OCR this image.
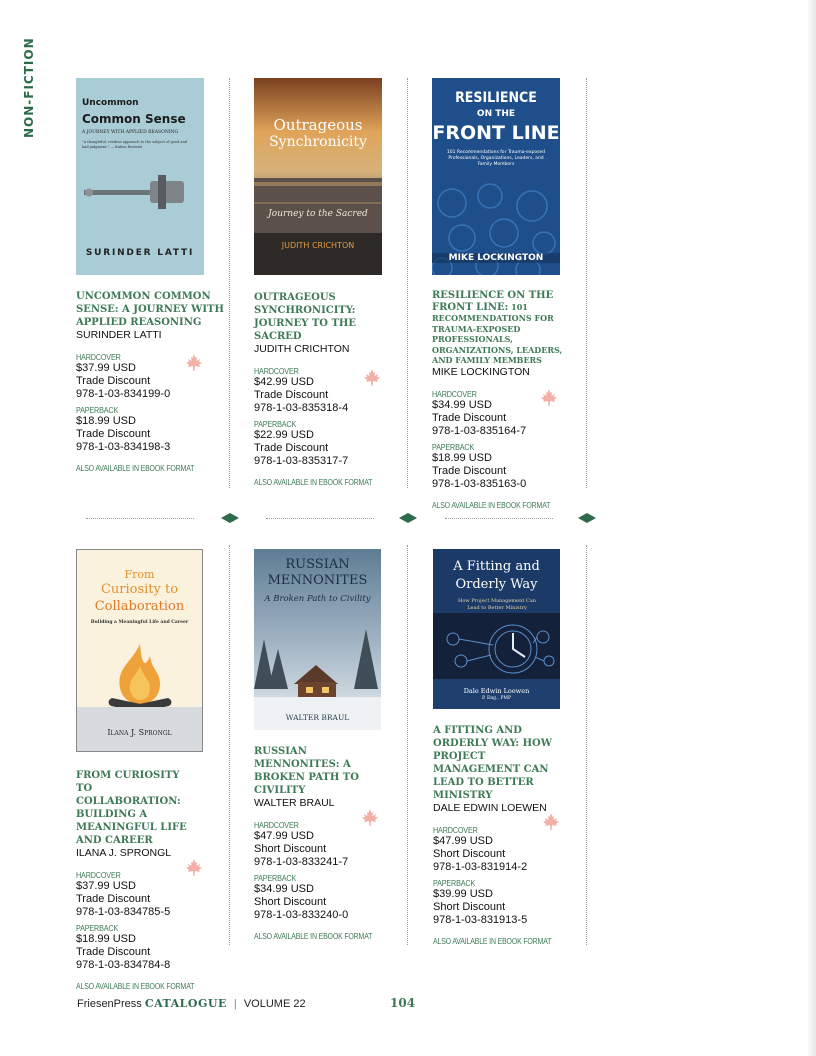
NON-FICTION	Uncommon
Common Sense
A JOURNEY WITH APPLIED REASONING
"A thoughtful, restless approach to the subject of good and bad judgment." — Kirkus Reviews
SURINDER LATTI
Outrageous
Synchronicity
Journey to the Sacred
JUDITH CRICHTON
RESILIENCE
ON THE
FRONT LINE
101 Recommendations for Trauma-exposed Professionals, Organizations, Leaders, and Family Members
MIKE LOCKINGTON
From
Curiosity to
Collaboration
Building a Meaningful Life and Career
Ilana J. Sprongl
RUSSIAN
MENNONITES
A Broken Path to Civility
WALTER BRAUL
A Fitting and
Orderly Way
How Project Management Can Lead to Better Ministry
Dale Edwin Loewen
P. Eng., PMP
UNCOMMON COMMON SENSE: A JOURNEY WITH APPLIED REASONING
SURINDER LATTI
HARDCOVER
$37.99 USD
Trade Discount
978-1-03-834199-0
PAPERBACK
$18.99 USD
Trade Discount
978-1-03-834198-3
ALSO AVAILABLE IN EBOOK FORMAT
OUTRAGEOUS SYNCHRONICITY: JOURNEY TO THE SACRED
JUDITH CRICHTON
HARDCOVER
$42.99 USD
Trade Discount
978-1-03-835318-4
PAPERBACK
$22.99 USD
Trade Discount
978-1-03-835317-7
ALSO AVAILABLE IN EBOOK FORMAT
RESILIENCE ON THE FRONT LINE: 101 RECOMMENDATIONS FOR TRAUMA-EXPOSED PROFESSIONALS, ORGANIZATIONS, LEADERS, AND FAMILY MEMBERS
MIKE LOCKINGTON
HARDCOVER
$34.99 USD
Trade Discount
978-1-03-835164-7
PAPERBACK
$18.99 USD
Trade Discount
978-1-03-835163-0
ALSO AVAILABLE IN EBOOK FORMAT
FROM CURIOSITY TO COLLABORATION: BUILDING A MEANINGFUL LIFE AND CAREER
ILANA J. SPRONGL
HARDCOVER
$37.99 USD
Trade Discount
978-1-03-834785-5
PAPERBACK
$18.99 USD
Trade Discount
978-1-03-834784-8
ALSO AVAILABLE IN EBOOK FORMAT
RUSSIAN MENNONITES: A BROKEN PATH TO CIVILITY
WALTER BRAUL
HARDCOVER
$47.99 USD
Short Discount
978-1-03-833241-7
PAPERBACK
$34.99 USD
Short Discount
978-1-03-833240-0
ALSO AVAILABLE IN EBOOK FORMAT
A FITTING AND ORDERLY WAY: HOW PROJECT MANAGEMENT CAN LEAD TO BETTER MINISTRY
DALE EDWIN LOEWEN
HARDCOVER
$47.99 USD
Short Discount
978-1-03-831914-2
PAPERBACK
$39.99 USD
Short Discount
978-1-03-831913-5
ALSO AVAILABLE IN EBOOK FORMAT
FriesenPress CATALOGUE | VOLUME 22	104
